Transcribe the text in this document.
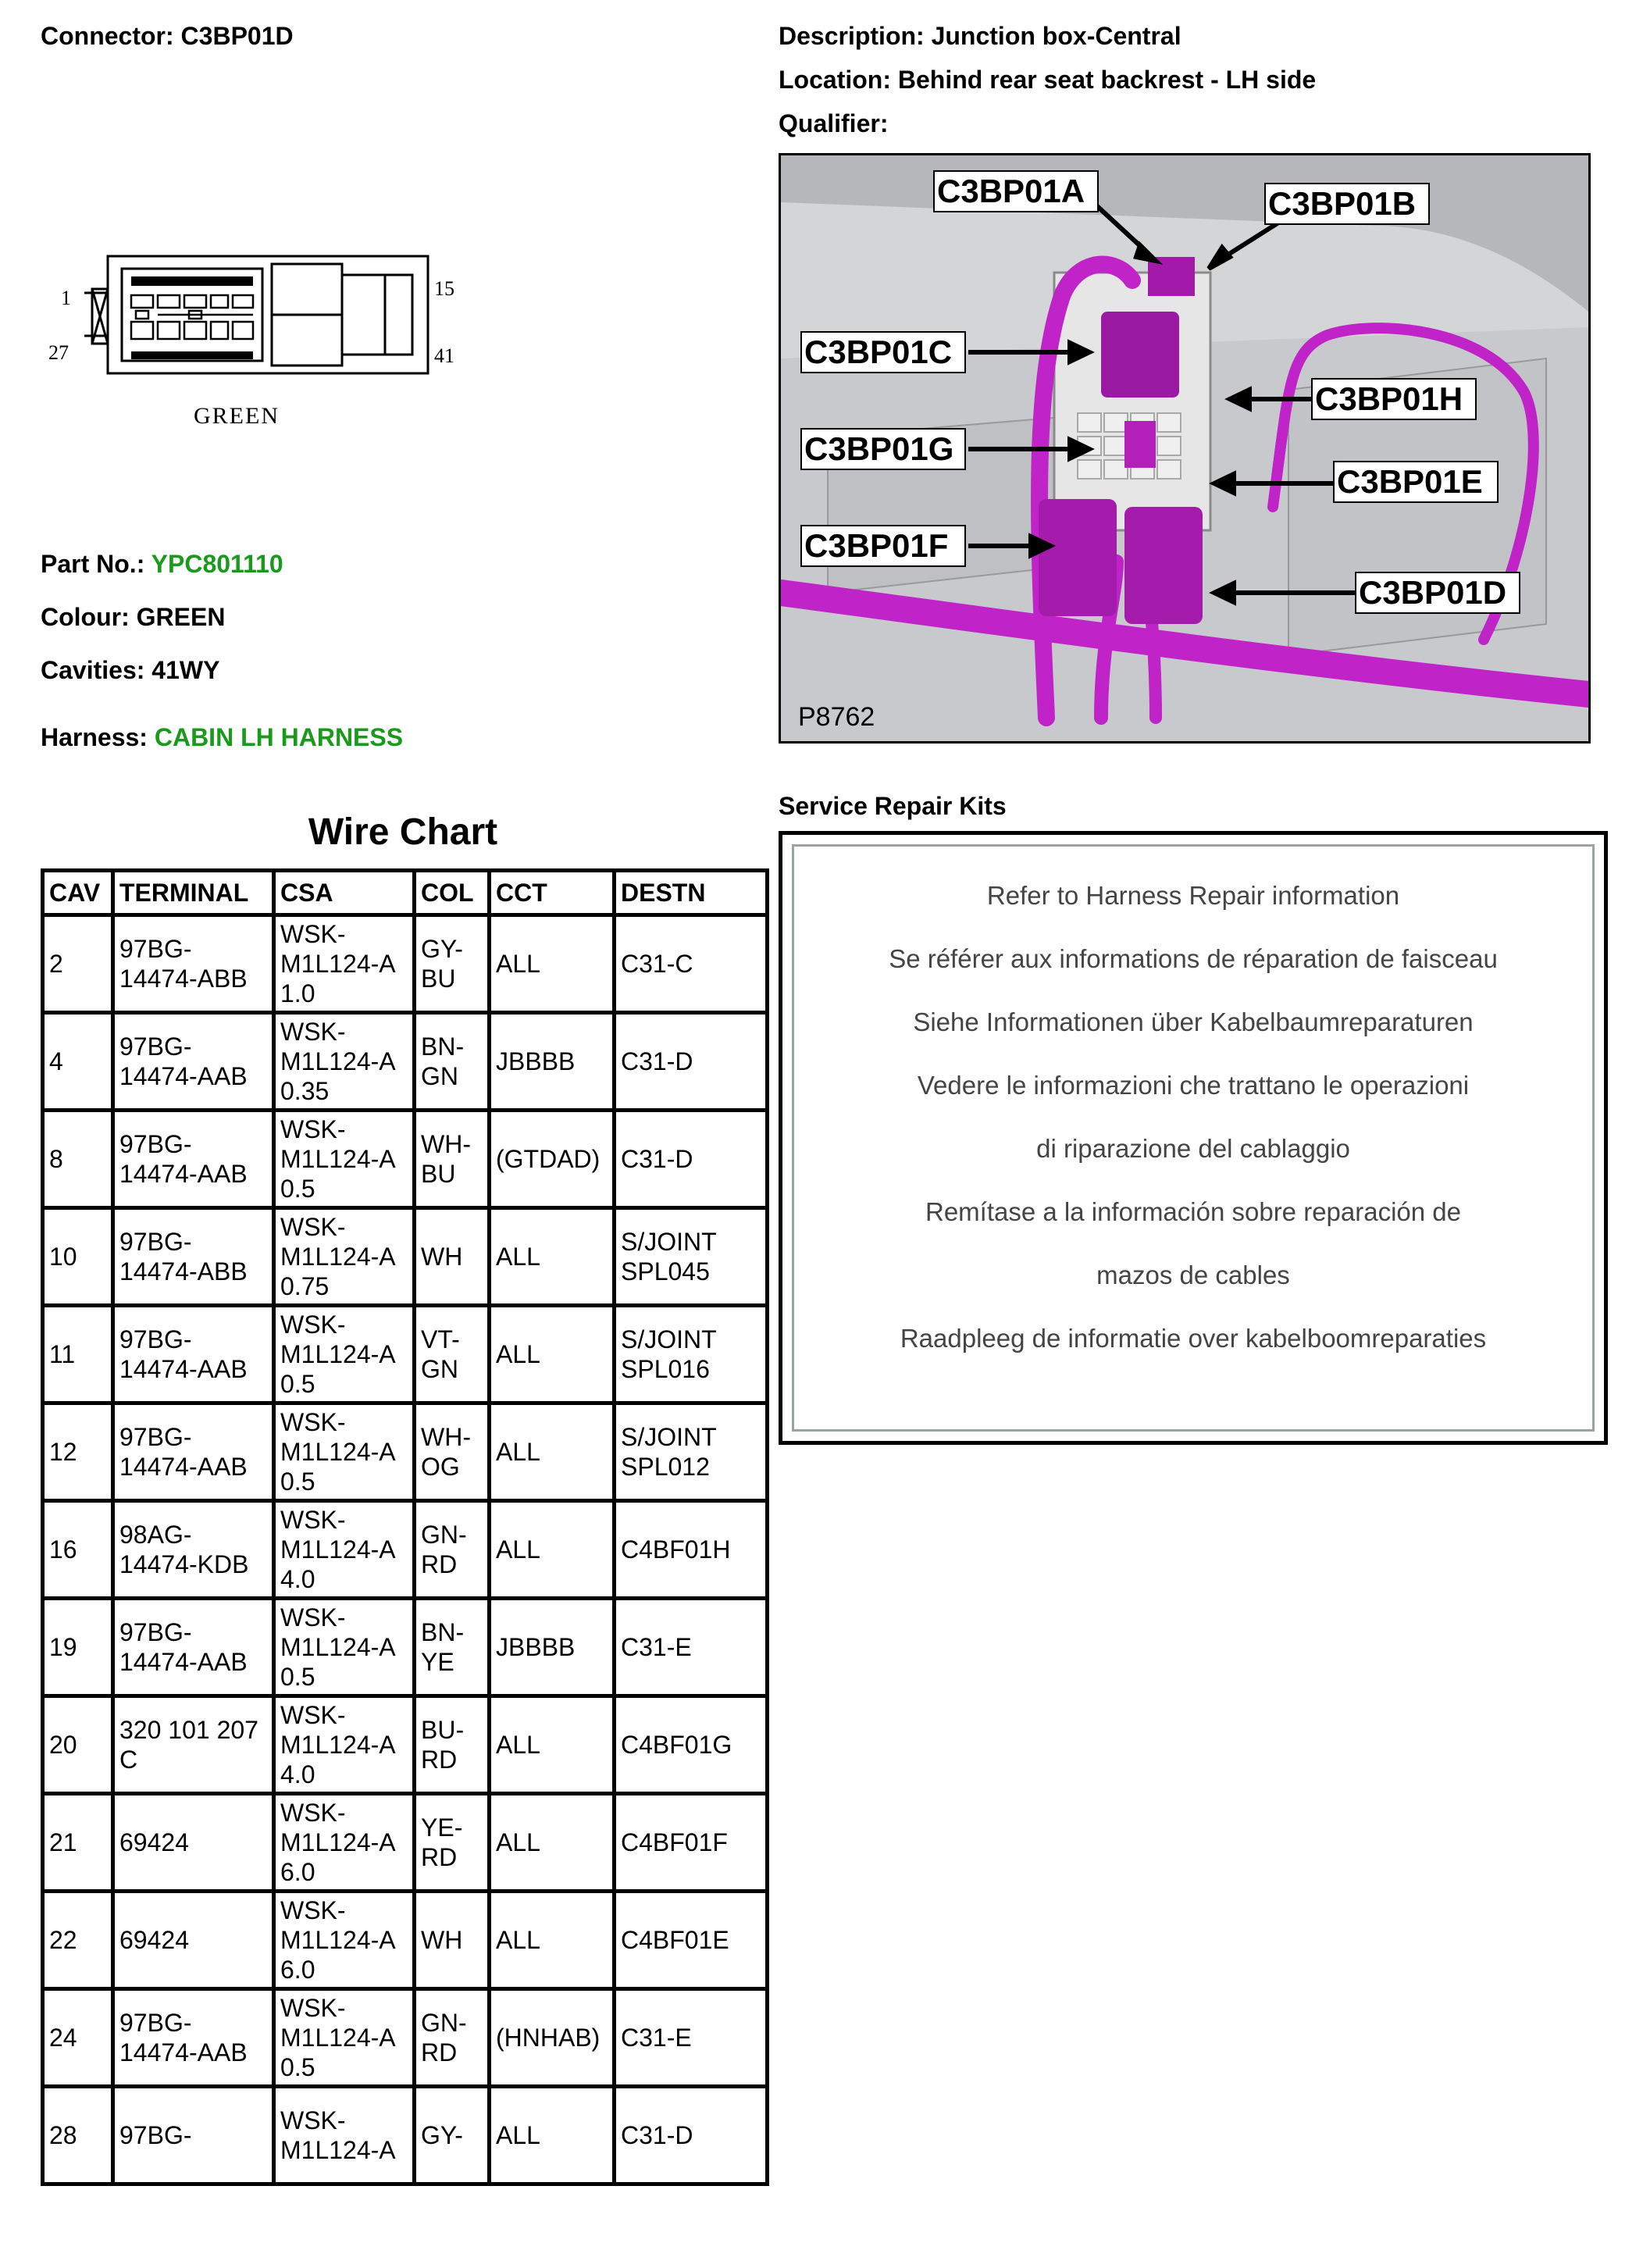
Connector: C3BP01D	Description: Junction box-Central
Location: Behind rear seat backrest - LH side
Qualifier:
1
27
15
41
GREEN
Part No.: YPC801110
Colour: GREEN
Cavities: 41WY
Harness: CABIN LH HARNESS
C3BP01A	C3BP01B
C3BP01C
C3BP01H
C3BP01G
C3BP01E
C3BP01F
C3BP01D
P8762
Service Repair Kits
Refer to Harness Repair information
Se référer aux informations de réparation de faisceau
Siehe Informationen über Kabelbaumreparaturen
Vedere le informazioni che trattano le operazioni
di riparazione del cablaggio
Remítase a la información sobre reparación de
mazos de cables
Raadpleeg de informatie over kabelboomreparaties
Wire Chart
CAV	TERMINAL	CSA	COL	CCT	DESTN

2	97BG-
14474-ABB	WSK-
M1L124-A
1.0	GY-
BU	ALL	C31-C

4	97BG-
14474-AAB	WSK-
M1L124-A
0.35	BN-
GN	JBBBB	C31-D

8	97BG-
14474-AAB	WSK-
M1L124-A
0.5	WH-
BU	(GTDAD)	C31-D

10	97BG-
14474-ABB	WSK-
M1L124-A
0.75	WH	ALL	S/JOINT
SPL045

11	97BG-
14474-AAB	WSK-
M1L124-A
0.5	VT-
GN	ALL	S/JOINT
SPL016

12	97BG-
14474-AAB	WSK-
M1L124-A
0.5	WH-
OG	ALL	S/JOINT
SPL012

16	98AG-
14474-KDB	WSK-
M1L124-A
4.0	GN-
RD	ALL	C4BF01H

19	97BG-
14474-AAB	WSK-
M1L124-A
0.5	BN-
YE	JBBBB	C31-E

20	320 101 207
C	WSK-
M1L124-A
4.0	BU-
RD	ALL	C4BF01G

21	69424	WSK-
M1L124-A
6.0	YE-
RD	ALL	C4BF01F

22	69424	WSK-
M1L124-A
6.0	WH	ALL	C4BF01E

24	97BG-
14474-AAB	WSK-
M1L124-A
0.5	GN-
RD	(HNHAB)	C31-E

28	97BG-	WSK-
M1L124-A	GY-	ALL	C31-D
